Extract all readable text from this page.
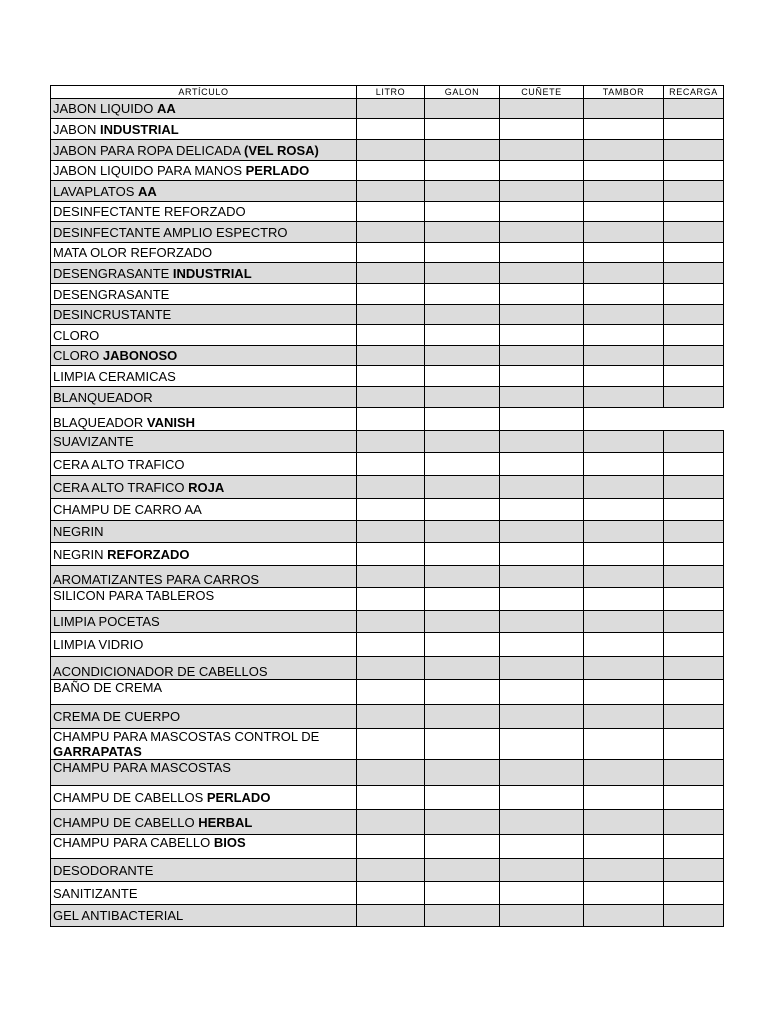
ARTÍCULO	LITRO	GALON	CUÑETE	TAMBOR	RECARGA
JABON LIQUIDO AA					
JABON INDUSTRIAL					
JABON PARA ROPA DELICADA (VEL ROSA)					
JABON LIQUIDO PARA MANOS PERLADO					
LAVAPLATOS AA					
DESINFECTANTE REFORZADO					
DESINFECTANTE AMPLIO ESPECTRO					
MATA OLOR REFORZADO					
DESENGRASANTE INDUSTRIAL					
DESENGRASANTE					
DESINCRUSTANTE					
CLORO					
CLORO JABONOSO					
LIMPIA CERAMICAS					
BLANQUEADOR					
BLAQUEADOR VANISH					
SUAVIZANTE					
CERA ALTO TRAFICO					
CERA ALTO TRAFICO ROJA					
CHAMPU DE CARRO AA					
NEGRIN					
NEGRIN REFORZADO					
AROMATIZANTES PARA CARROS					
SILICON PARA TABLEROS					
LIMPIA POCETAS					
LIMPIA VIDRIO					
ACONDICIONADOR DE CABELLOS					
BAÑO DE CREMA					
CREMA DE CUERPO					
CHAMPU PARA MASCOSTAS CONTROL DE GARRAPATAS					
CHAMPU PARA MASCOSTAS					
CHAMPU DE CABELLOS PERLADO					
CHAMPU DE CABELLO HERBAL					
CHAMPU PARA CABELLO BIOS					
DESODORANTE					
SANITIZANTE					
GEL ANTIBACTERIAL					
